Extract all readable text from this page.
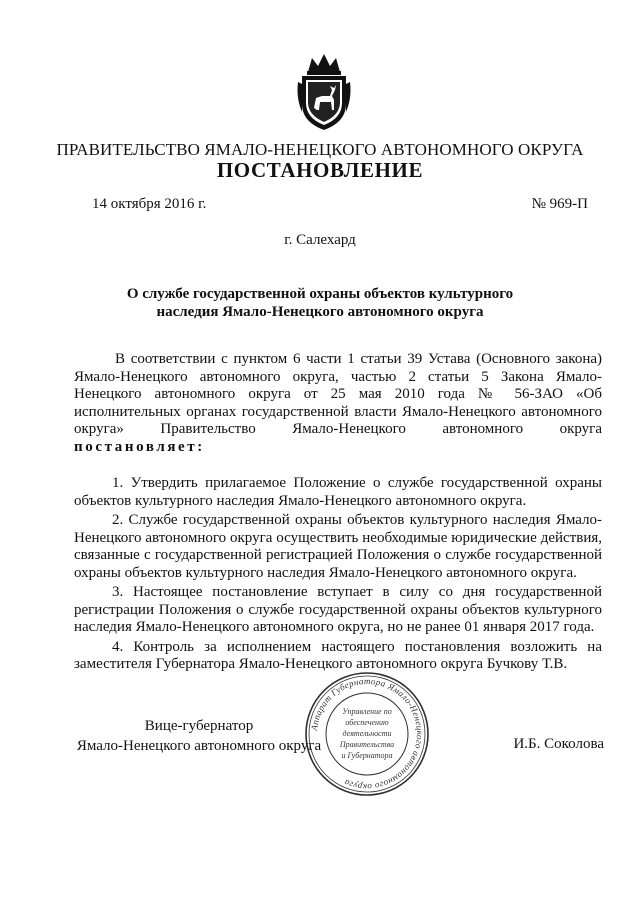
ПРАВИТЕЛЬСТВО ЯМАЛО-НЕНЕЦКОГО АВТОНОМНОГО ОКРУГА
ПОСТАНОВЛЕНИЕ
14 октября 2016 г.	№ 969-П
г. Салехард
О службе государственной охраны объектов культурного
наследия Ямало-Ненецкого автономного округа

В соответствии с пунктом 6 части 1 статьи 39 Устава (Основного закона) Ямало-Ненецкого автономного округа, частью 2 статьи 5 Закона Ямало-Ненецкого автономного округа от 25 мая 2010 года № 56-ЗАО «Об исполнительных органах государственной власти Ямало-Ненецкого автономного округа» Правительство Ямало-Ненецкого автономного округа постановляет:

1. Утвердить прилагаемое Положение о службе государственной охраны объектов культурного наследия Ямало-Ненецкого автономного округа.

2. Службе государственной охраны объектов культурного наследия Ямало-Ненецкого автономного округа осуществить необходимые юридические действия, связанные с государственной регистрацией Положения о службе государственной охраны объектов культурного наследия Ямало-Ненецкого автономного округа.

3. Настоящее постановление вступает в силу со дня государственной регистрации Положения о службе государственной охраны объектов культурного наследия Ямало-Ненецкого автономного округа, но не ранее 01 января 2017 года.

4. Контроль за исполнением настоящего постановления возложить на заместителя Губернатора Ямало-Ненецкого автономного округа Бучкову Т.В.

Вице-губернатор
Ямало-Ненецкого автономного округа	И.Б. Соколова
Аппарат Губернатора Ямало-Ненецкого автономного округа
Управление по
обеспечению
деятельности
Правительства
и Губернатора
